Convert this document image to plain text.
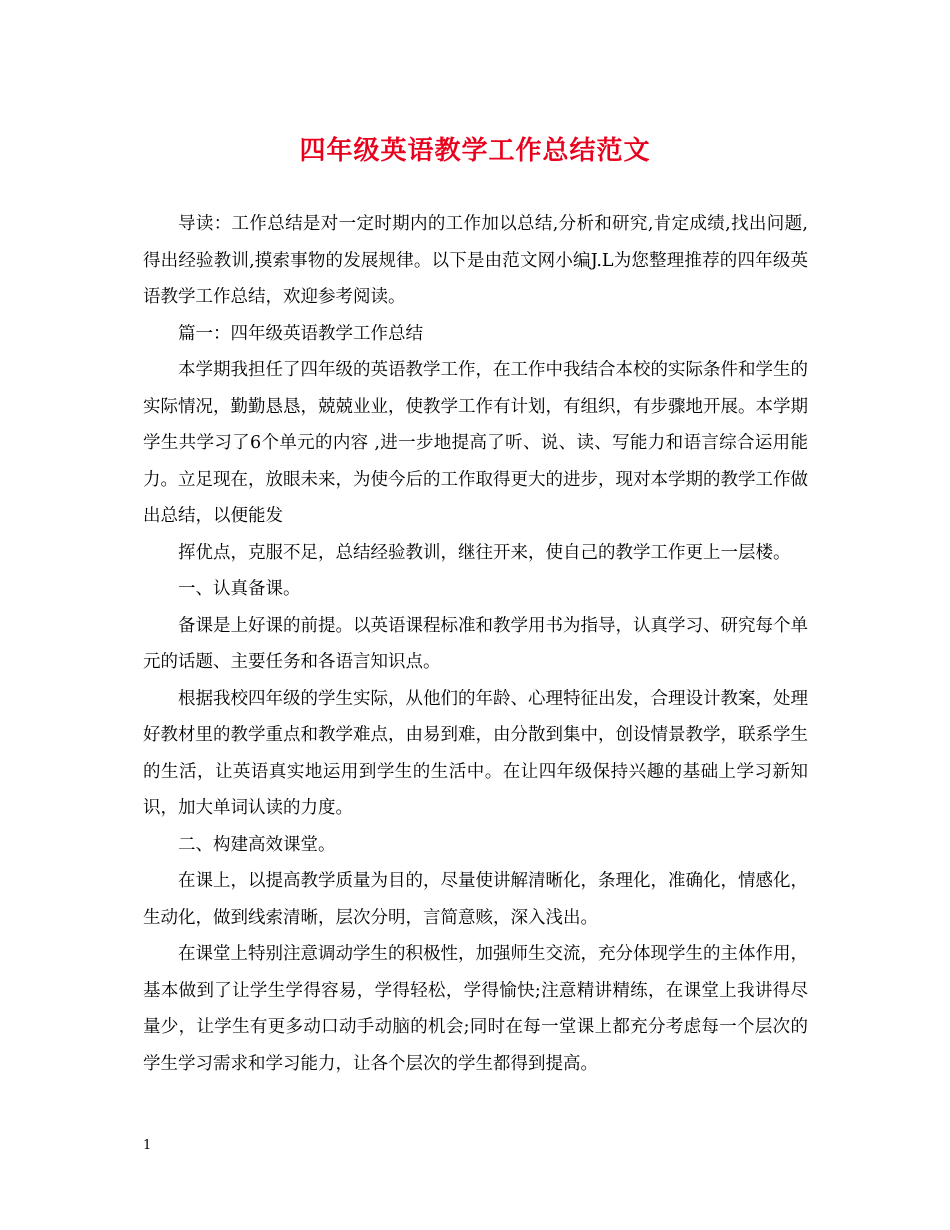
四年级英语教学工作总结范文

导读：工作总结是对一定时期内的工作加以总结,分析和研究,肯定成绩,找出问题,得出经验教训,摸索事物的发展规律。以下是由范文网小编J.L为您整理推荐的四年级英语教学工作总结，欢迎参考阅读。

篇一：四年级英语教学工作总结

本学期我担任了四年级的英语教学工作，在工作中我结合本校的实际条件和学生的实际情况，勤勤恳恳，兢兢业业，使教学工作有计划，有组织，有步骤地开展。本学期学生共学习了6个单元的内容 ,进一步地提高了听、说、读、写能力和语言综合运用能力。立足现在，放眼未来，为使今后的工作取得更大的进步，现对本学期的教学工作做出总结，以便能发

挥优点，克服不足，总结经验教训，继往开来，使自己的教学工作更上一层楼。

一、认真备课。

备课是上好课的前提。以英语课程标准和教学用书为指导，认真学习、研究每个单元的话题、主要任务和各语言知识点。

根据我校四年级的学生实际，从他们的年龄、心理特征出发，合理设计教案，处理好教材里的教学重点和教学难点，由易到难，由分散到集中，创设情景教学，联系学生的生活，让英语真实地运用到学生的生活中。在让四年级保持兴趣的基础上学习新知识，加大单词认读的力度。

二、构建高效课堂。

在课上，以提高教学质量为目的，尽量使讲解清晰化，条理化，准确化，情感化，生动化，做到线索清晰，层次分明，言简意赅，深入浅出。

在课堂上特别注意调动学生的积极性，加强师生交流，充分体现学生的主体作用，基本做到了让学生学得容易，学得轻松，学得愉快;注意精讲精练，在课堂上我讲得尽量少，让学生有更多动口动手动脑的机会;同时在每一堂课上都充分考虑每一个层次的学生学习需求和学习能力，让各个层次的学生都得到提高。

1
